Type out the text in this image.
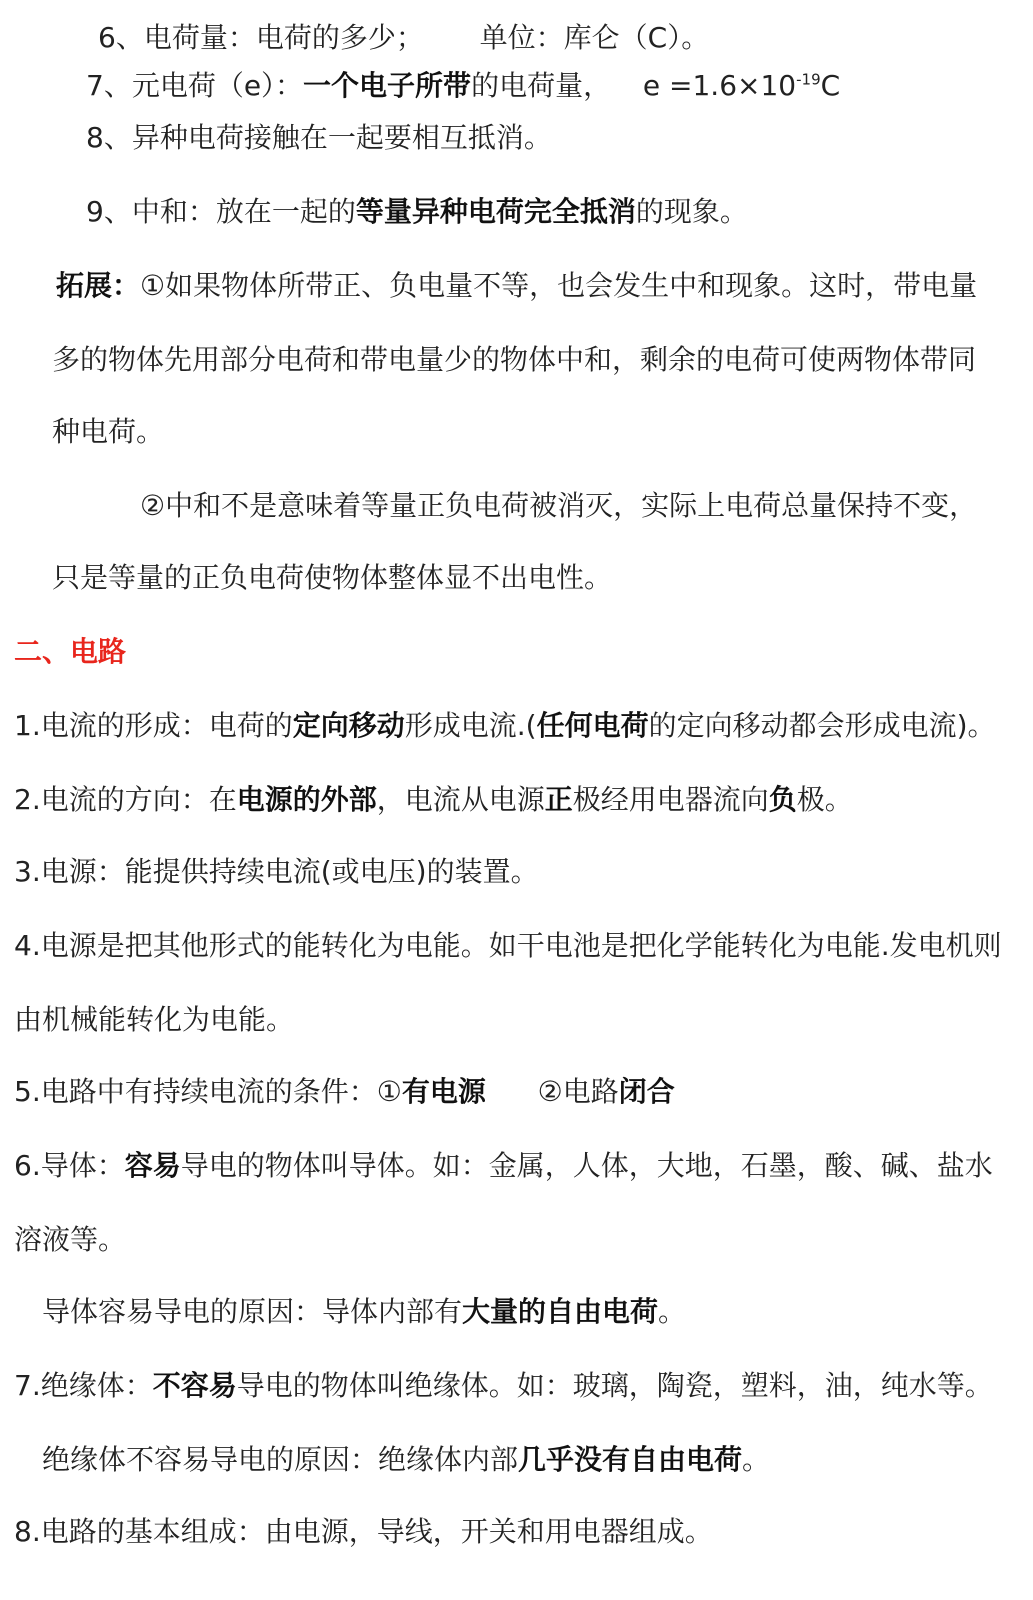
6、电荷量：电荷的多少； 单位：库仑（C）。
7、元电荷（e）：一个电子所带的电荷量， $e =1.6\times 10^{-19}C$
8、异种电荷接触在一起要相互抵消。
9、中和：放在一起的等量异种电荷完全抵消的现象。
拓展：①如果物体所带正、负电量不等，也会发生中和现象。这时，带电量
多的物体先用部分电荷和带电量少的物体中和，剩余的电荷可使两物体带同
种电荷。
②中和不是意味着等量正负电荷被消灭，实际上电荷总量保持不变，
只是等量的正负电荷使物体整体显不出电性。
二、电路
1.电流的形成：电荷的定向移动形成电流.(任何电荷的定向移动都会形成电流)。
2.电流的方向：在电源的外部，电流从电源正极经用电器流向负极。
3.电源：能提供持续电流(或电压)的装置。
4.电源是把其他形式的能转化为电能。如干电池是把化学能转化为电能.发电机则
由机械能转化为电能。
5.电路中有持续电流的条件：①有电源 ②电路闭合
6.导体：容易导电的物体叫导体。如：金属，人体，大地，石墨，酸、碱、盐水
溶液等。
导体容易导电的原因：导体内部有大量的自由电荷。
7.绝缘体：不容易导电的物体叫绝缘体。如：玻璃，陶瓷，塑料，油，纯水等。
绝缘体不容易导电的原因：绝缘体内部几乎没有自由电荷。
8.电路的基本组成：由电源，导线，开关和用电器组成。
